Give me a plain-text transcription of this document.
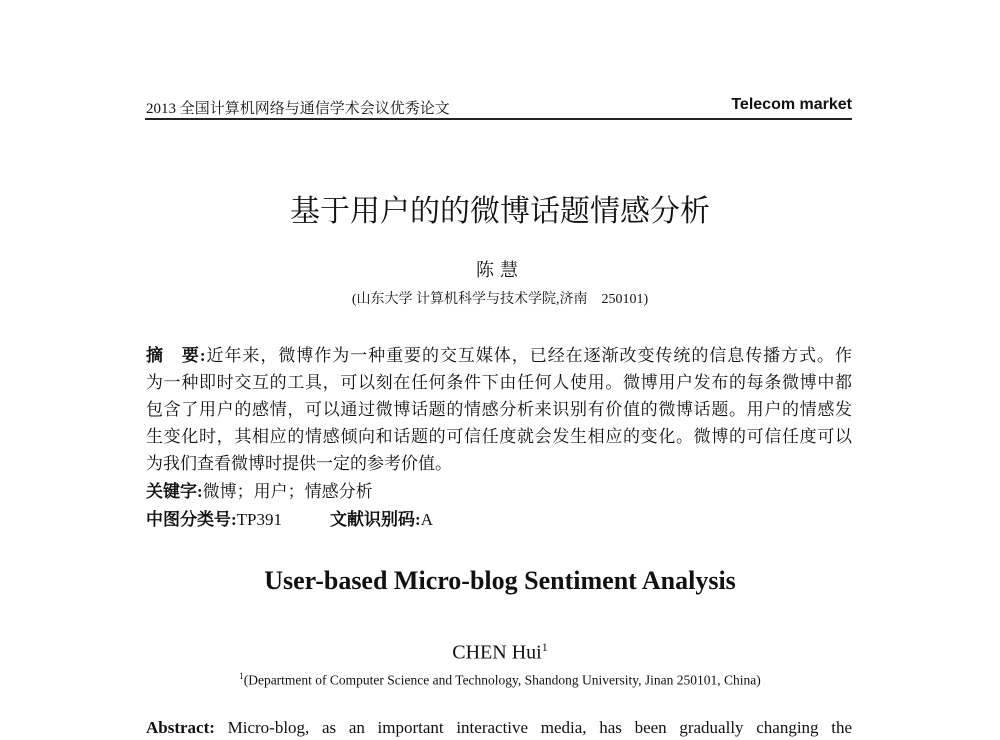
2013 全国计算机网络与通信学术会议优秀论文	Telecom market
基于用户的的微博话题情感分析
陈慧
(山东大学 计算机科学与技术学院,济南　250101)
摘　要:近年来，微博作为一种重要的交互媒体，已经在逐渐改变传统的信息传播方式。作
为一种即时交互的工具，可以刻在任何条件下由任何人使用。微博用户发布的每条微博中都
包含了用户的感情，可以通过微博话题的情感分析来识别有价值的微博话题。用户的情感发
生变化时，其相应的情感倾向和话题的可信任度就会发生相应的变化。微博的可信任度可以
为我们查看微博时提供一定的参考价值。
关键字:微博；用户；情感分析
中图分类号:TP391	文献识别码:A
User-based Micro-blog Sentiment Analysis
CHEN Hui$^1$
$^1$(Department of Computer Science and Technology, Shandong University, Jinan 250101, China)
Abstract: Micro-blog, as an important interactive media, has been gradually changing the
